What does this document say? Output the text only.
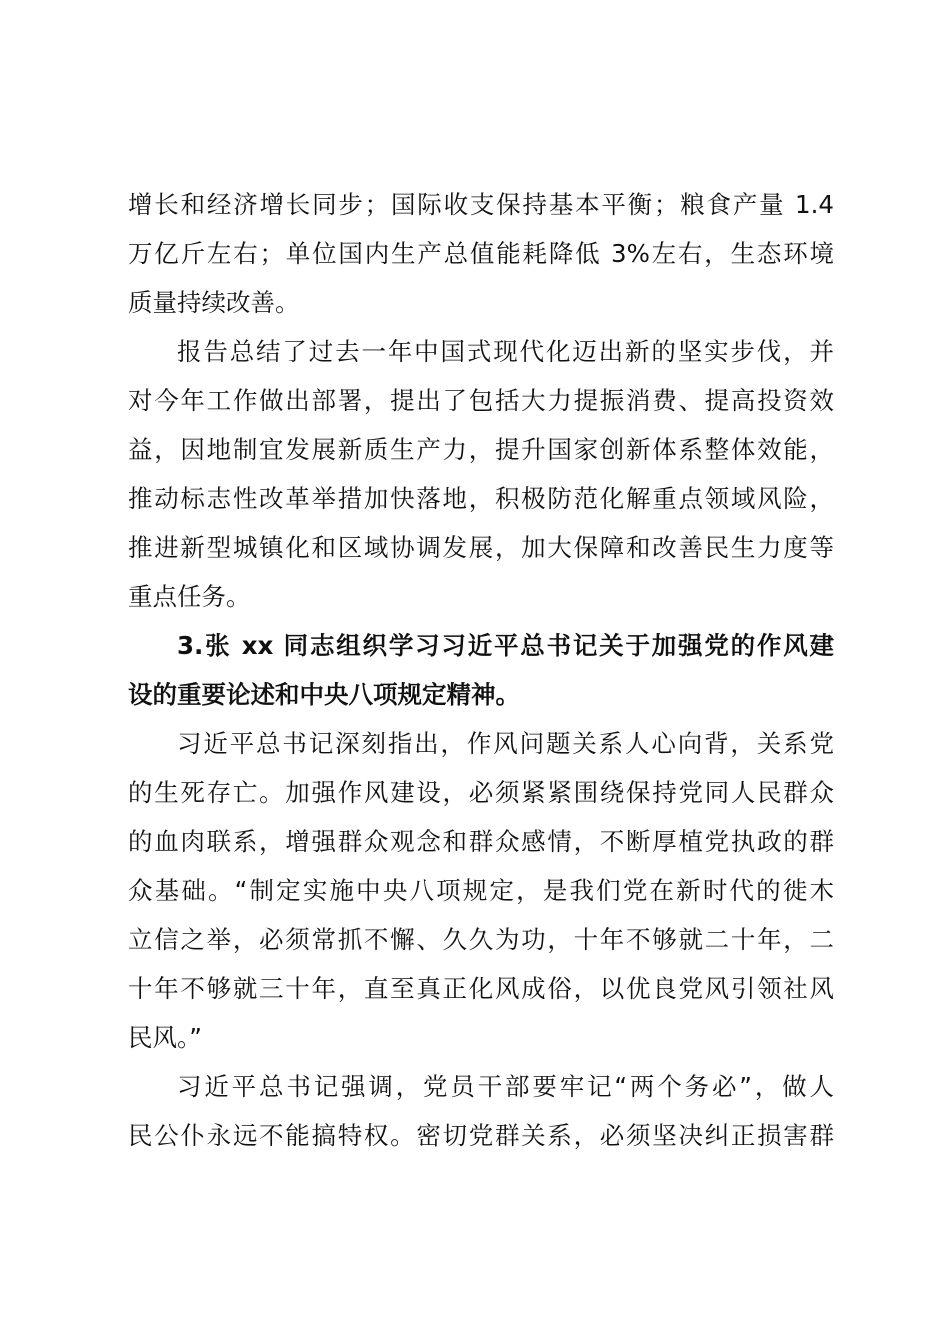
增长和经济增长同步；国际收支保持基本平衡；粮食产量 1.4
万亿斤左右；单位国内生产总值能耗降低 3%左右，生态环境
质量持续改善。
报告总结了过去一年中国式现代化迈出新的坚实步伐，并
对今年工作做出部署，提出了包括大力提振消费、提高投资效
益，因地制宜发展新质生产力，提升国家创新体系整体效能，
推动标志性改革举措加快落地，积极防范化解重点领域风险，
推进新型城镇化和区域协调发展，加大保障和改善民生力度等
重点任务。
3.张 xx 同志组织学习习近平总书记关于加强党的作风建
设的重要论述和中央八项规定精神。
习近平总书记深刻指出，作风问题关系人心向背，关系党
的生死存亡。加强作风建设，必须紧紧围绕保持党同人民群众
的血肉联系，增强群众观念和群众感情，不断厚植党执政的群
众基础。“制定实施中央八项规定，是我们党在新时代的徙木
立信之举，必须常抓不懈、久久为功，十年不够就二十年，二
十年不够就三十年，直至真正化风成俗，以优良党风引领社风
民风。”
习近平总书记强调，党员干部要牢记“两个务必”，做人
民公仆永远不能搞特权。密切党群关系，必须坚决纠正损害群
